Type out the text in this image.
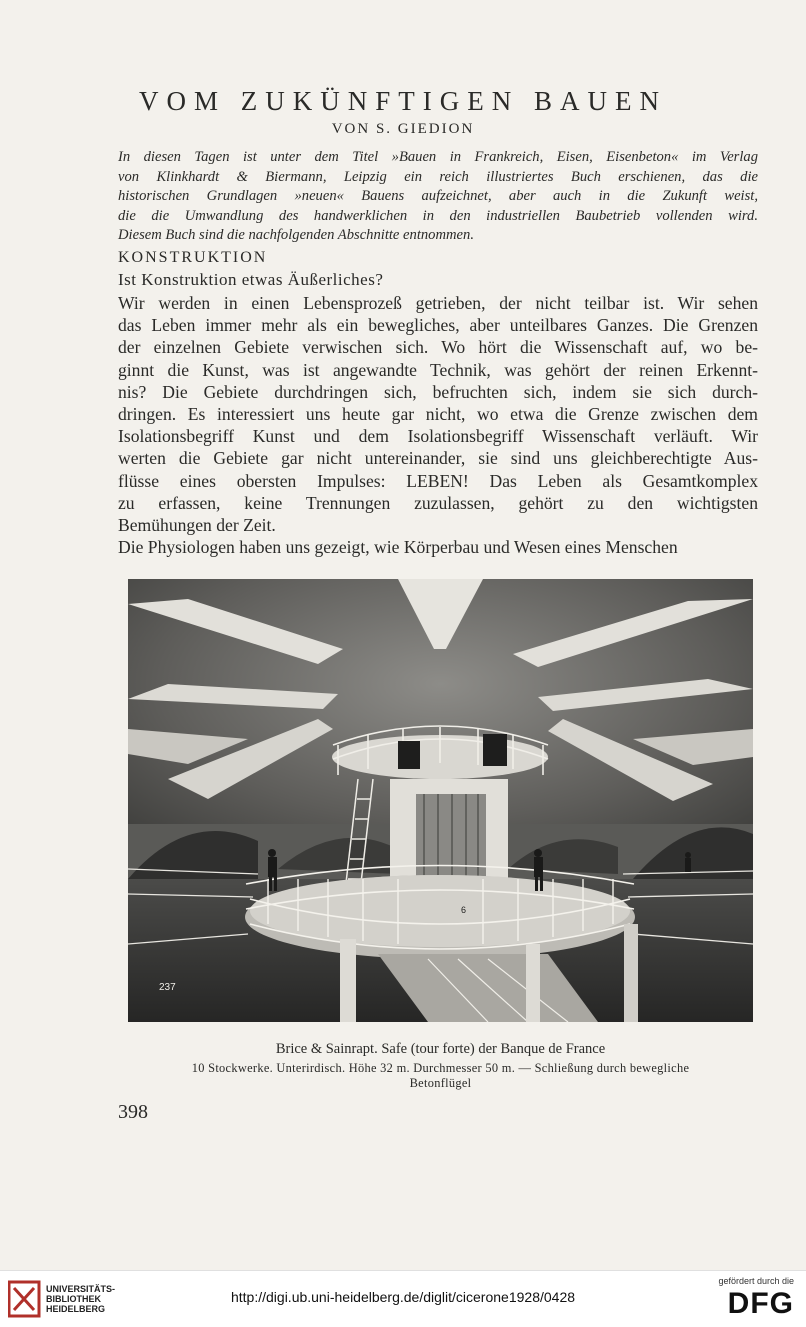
VOM ZUKÜNFTIGEN BAUEN
VON S. GIEDION
In diesen Tagen ist unter dem Titel »Bauen in Frankreich, Eisen, Eisenbeton« im Verlag
von Klinkhardt & Biermann, Leipzig ein reich illustriertes Buch erschienen, das die
historischen Grundlagen »neuen« Bauens aufzeichnet, aber auch in die Zukunft weist,
die die Umwandlung des handwerklichen in den industriellen Baubetrieb vollenden wird.
Diesem Buch sind die nachfolgenden Abschnitte entnommen.
KONSTRUKTION
Ist Konstruktion etwas Äußerliches?
Wir werden in einen Lebensprozeß getrieben, der nicht teilbar ist. Wir sehen
das Leben immer mehr als ein bewegliches, aber unteilbares Ganzes. Die Grenzen
der einzelnen Gebiete verwischen sich. Wo hört die Wissenschaft auf, wo be-
ginnt die Kunst, was ist angewandte Technik, was gehört der reinen Erkennt-
nis? Die Gebiete durchdringen sich, befruchten sich, indem sie sich durch-
dringen. Es interessiert uns heute gar nicht, wo etwa die Grenze zwischen dem
Isolationsbegriff Kunst und dem Isolationsbegriff Wissenschaft verläuft. Wir
werten die Gebiete gar nicht untereinander, sie sind uns gleichberechtigte Aus-
flüsse eines obersten Impulses: LEBEN! Das Leben als Gesamtkomplex
zu erfassen, keine Trennungen zuzulassen, gehört zu den wichtigsten
Bemühungen der Zeit.
Die Physiologen haben uns gezeigt, wie Körperbau und Wesen eines Menschen
6
237
Brice & Sainrapt. Safe (tour forte) der Banque de France
10 Stockwerke. Unterirdisch. Höhe 32 m. Durchmesser 50 m. — Schließung durch bewegliche
Betonflügel
398
UNIVERSITÄTS-
BIBLIOTHEK
HEIDELBERG
http://digi.ub.uni-heidelberg.de/diglit/cicerone1928/0428
gefördert durch die
DFG
